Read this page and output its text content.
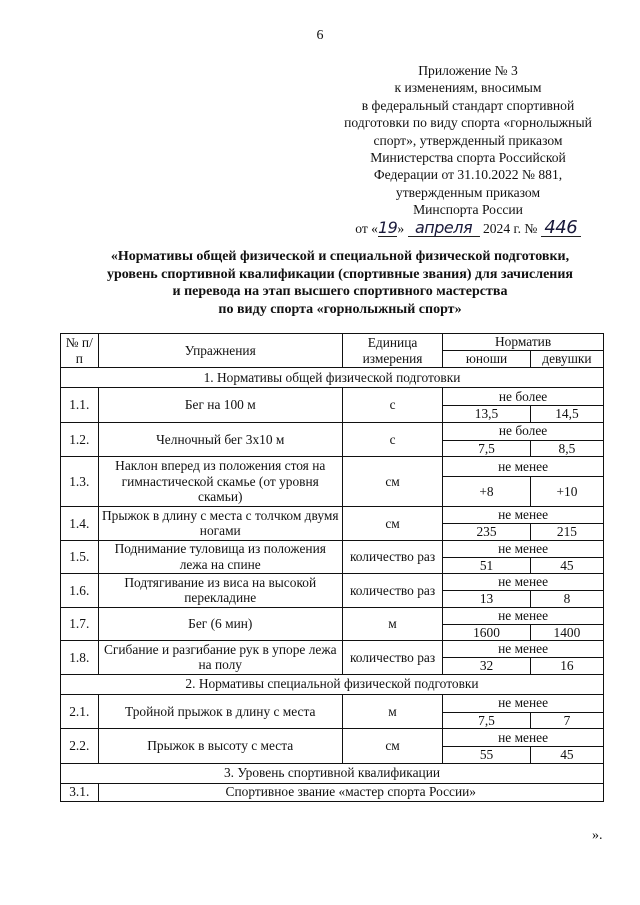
6
Приложение № 3
к изменениям, вносимым
в федеральный стандарт спортивной
подготовки по виду спорта «горнолыжный
спорт», утвержденный приказом
Министерства спорта Российской
Федерации от 31.10.2022 № 881,
утвержденным приказом
Минспорта России
от «19» апреля 2024 г. № 446
«Нормативы общей физической и специальной физической подготовки,
уровень спортивной квалификации (спортивные звания) для зачисления
и перевода на этап высшего спортивного мастерства
по виду спорта «горнолыжный спорт»
№ п/п	Упражнения	Единица измерения	Норматив	
			юноши	девушки
1. Нормативы общей физической подготовки				
1.1.	Бег на 100 м	с	не более	
			13,5	14,5
1.2.	Челночный бег 3х10 м	с	не более	
			7,5	8,5
1.3.	Наклон вперед из положения стоя на гимнастической скамье (от уровня скамьи)	см	не менее	
			+8	+10
1.4.	Прыжок в длину с места с толчком двумя ногами	см	не менее	
			235	215
1.5.	Поднимание туловища из положения лежа на спине	количество раз	не менее	
			51	45
1.6.	Подтягивание из виса на высокой перекладине	количество раз	не менее	
			13	8
1.7.	Бег (6 мин)	м	не менее	
			1600	1400
1.8.	Сгибание и разгибание рук в упоре лежа на полу	количество раз	не менее	
			32	16
2. Нормативы специальной физической подготовки				
2.1.	Тройной прыжок в длину с места	м	не менее	
			7,5	7
2.2.	Прыжок в высоту с места	см	не менее	
			55	45
3. Уровень спортивной квалификации				
3.1.	Спортивное звание «мастер спорта России»			
».
